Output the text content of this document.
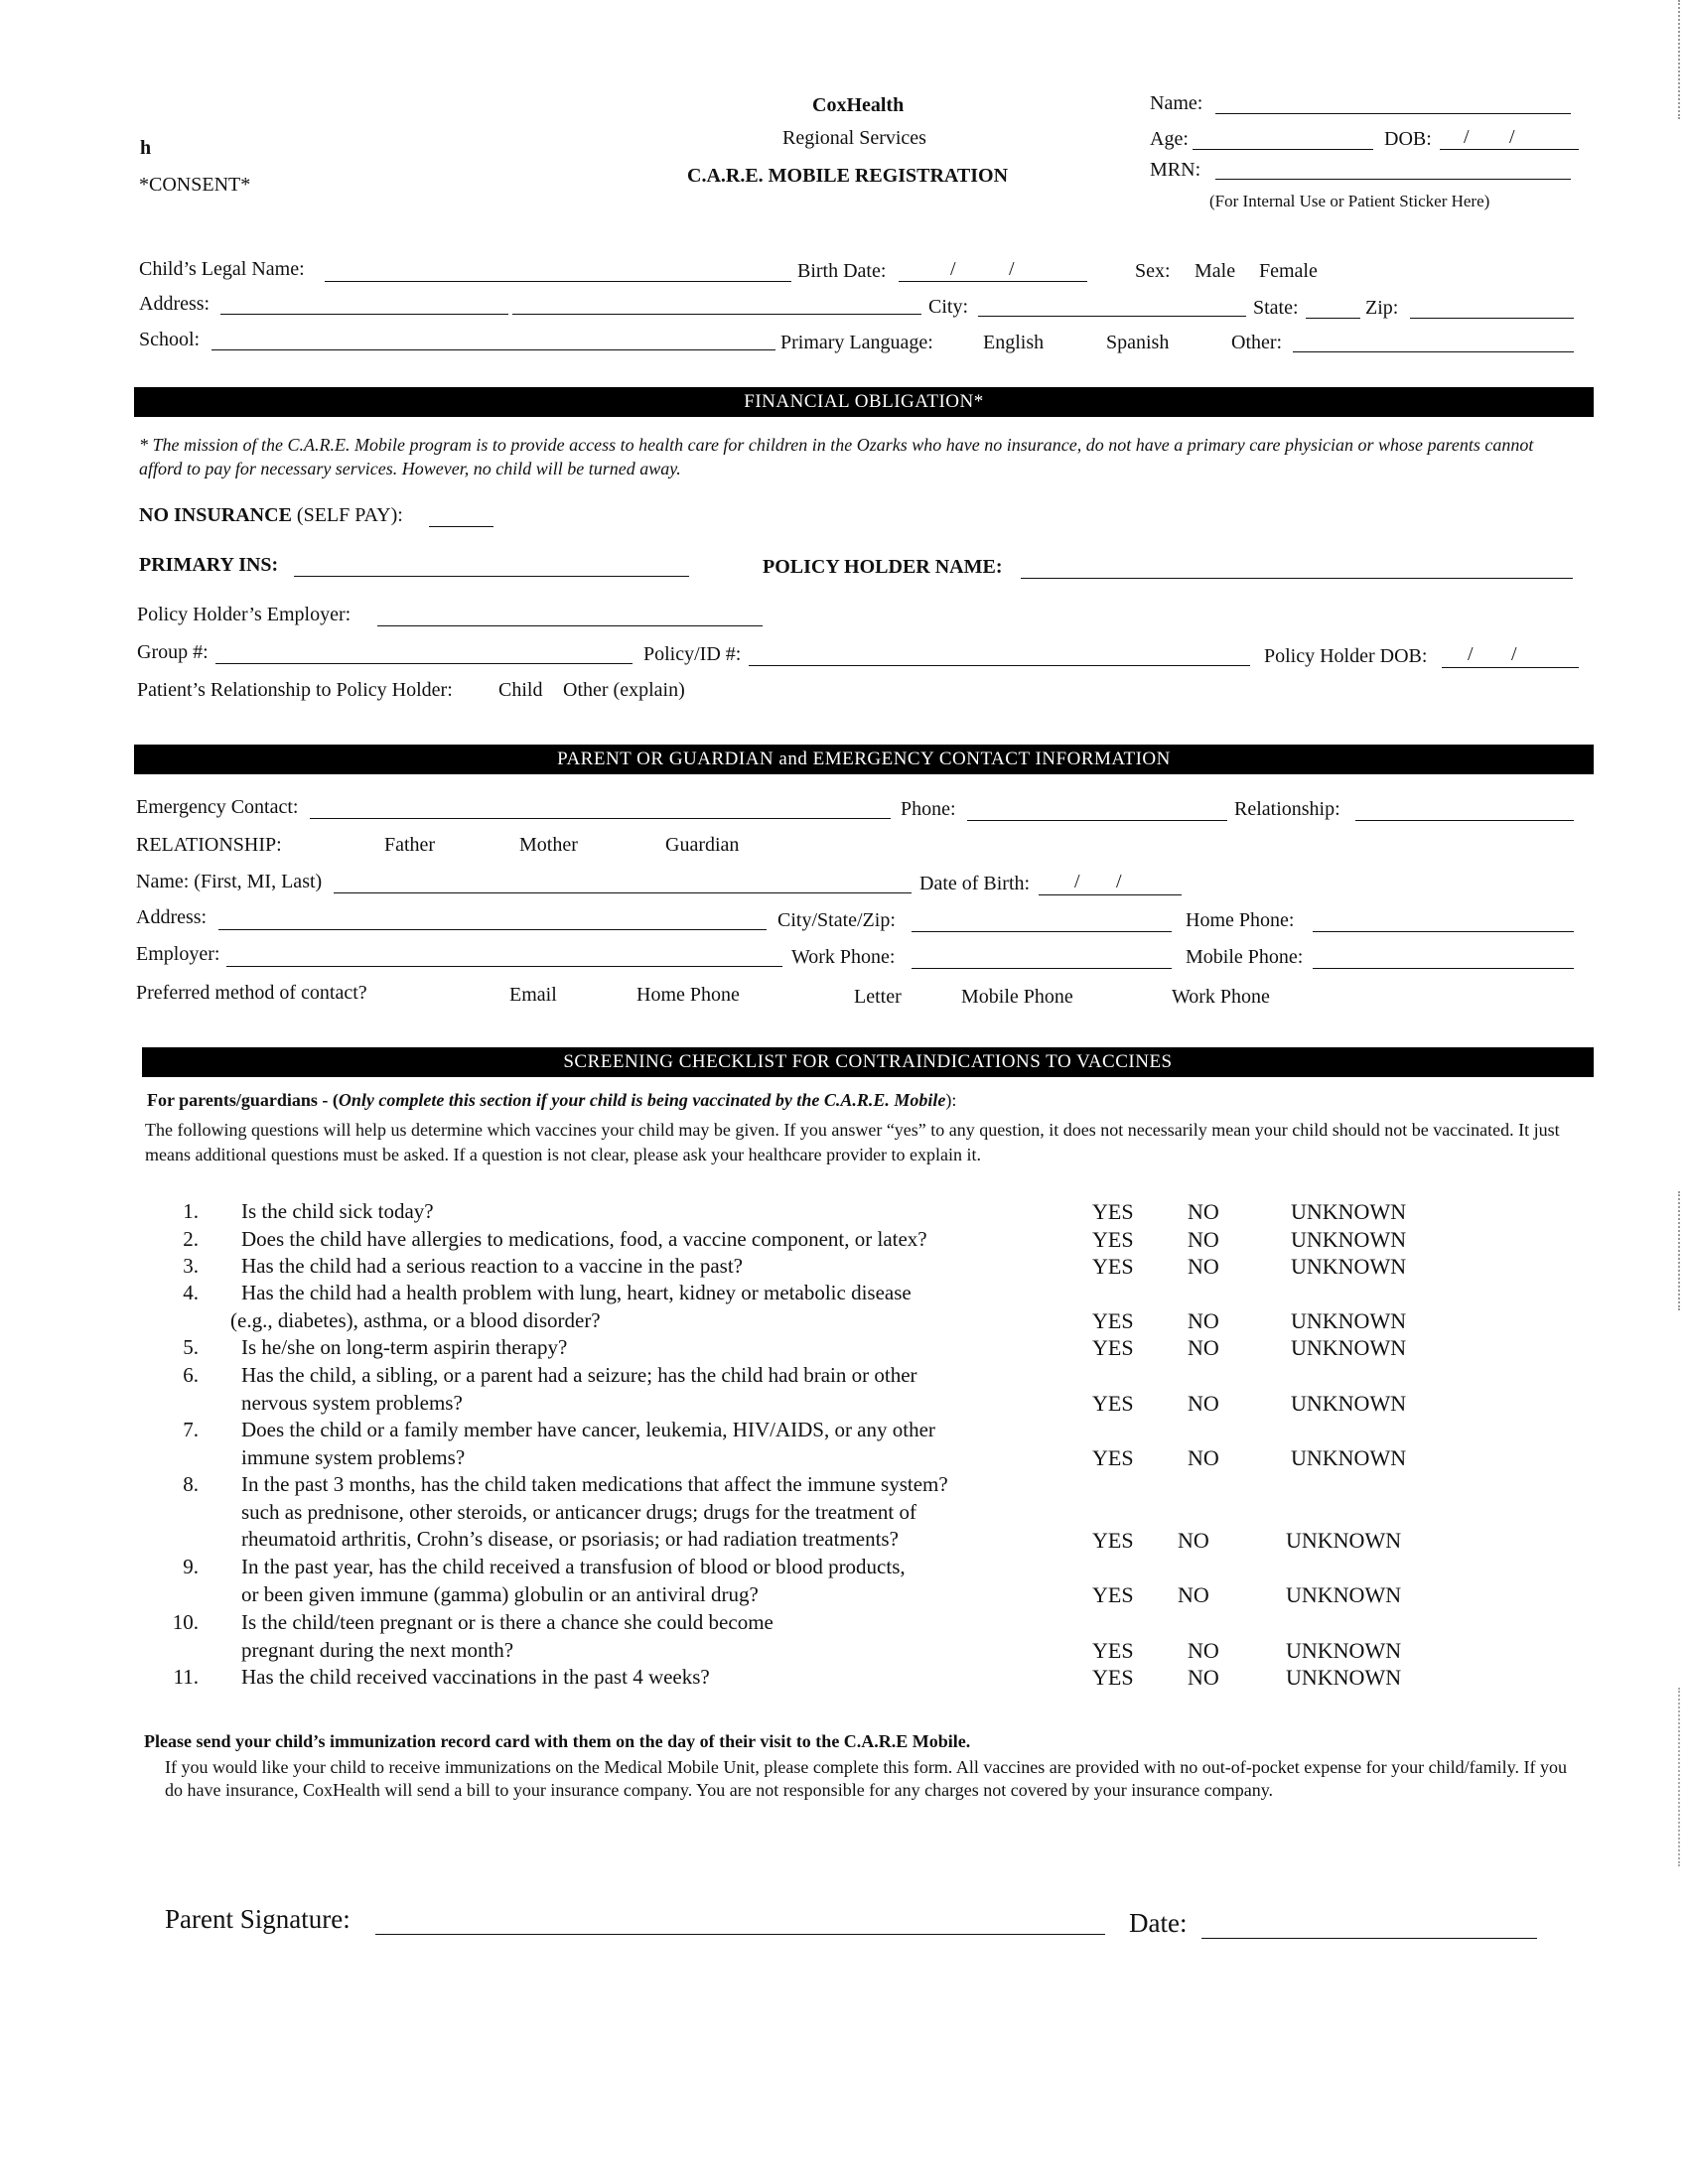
CoxHealth
Regional Services
C.A.R.E. MOBILE REGISTRATION
h
*CONSENT*
Name:
Age:	DOB: / /
MRN:
(For Internal Use or Patient Sticker Here)
Child’s Legal Name:	Birth Date:	/	/	Sex: Male Female
Address:	City:	State:	Zip:
School:	Primary Language:	English	Spanish	Other:
FINANCIAL OBLIGATION*
* The mission of the C.A.R.E. Mobile program is to provide access to health care for children in the Ozarks who have no insurance, do not have a primary care physician or whose parents cannot afford to pay for necessary services. However, no child will be turned away.
NO INSURANCE (SELF PAY):
PRIMARY INS:	POLICY HOLDER NAME:
Policy Holder’s Employer:
Group #:	Policy/ID #:	Policy Holder DOB: / /
Patient’s Relationship to Policy Holder: Child Other (explain)
PARENT OR GUARDIAN and EMERGENCY CONTACT INFORMATION
Emergency Contact:	Phone:	Relationship:
RELATIONSHIP:	Father	Mother	Guardian
Name: (First, MI, Last)	Date of Birth: / /
Address:	City/State/Zip:	Home Phone:
Employer:	Work Phone:	Mobile Phone:
Preferred method of contact?	Email	Home Phone	Letter	Mobile Phone	Work Phone
SCREENING CHECKLIST FOR CONTRAINDICATIONS TO VACCINES
For parents/guardians - (Only complete this section if your child is being vaccinated by the C.A.R.E. Mobile):
The following questions will help us determine which vaccines your child may be given. If you answer “yes” to any question, it does not necessarily mean your child should not be vaccinated. It just means additional questions must be asked. If a question is not clear, please ask your healthcare provider to explain it.
1. Is the child sick today?	YES NO	UNKNOWN
2. Does the child have allergies to medications, food, a vaccine component, or latex?	YES NO	UNKNOWN
3. Has the child had a serious reaction to a vaccine in the past?	YES NO	UNKNOWN
4. Has the child had a health problem with lung, heart, kidney or metabolic disease
(e.g., diabetes), asthma, or a blood disorder?	YES NO	UNKNOWN
5. Is he/she on long-term aspirin therapy?	YES NO	UNKNOWN
6. Has the child, a sibling, or a parent had a seizure; has the child had brain or other
nervous system problems?	YES NO	UNKNOWN
7. Does the child or a family member have cancer, leukemia, HIV/AIDS, or any other
immune system problems?	YES NO	UNKNOWN
8. In the past 3 months, has the child taken medications that affect the immune system?
such as prednisone, other steroids, or anticancer drugs; drugs for the treatment of
rheumatoid arthritis, Crohn’s disease, or psoriasis; or had radiation treatments?	YES NO	UNKNOWN
9. In the past year, has the child received a transfusion of blood or blood products,
or been given immune (gamma) globulin or an antiviral drug?	YES NO	UNKNOWN
10. Is the child/teen pregnant or is there a chance she could become
pregnant during the next month?	YES NO	UNKNOWN
11. Has the child received vaccinations in the past 4 weeks?	YES NO	UNKNOWN
Please send your child’s immunization record card with them on the day of their visit to the C.A.R.E Mobile.
If you would like your child to receive immunizations on the Medical Mobile Unit, please complete this form. All vaccines are provided with no out-of-pocket expense for your child/family. If you do have insurance, CoxHealth will send a bill to your insurance company. You are not responsible for any charges not covered by your insurance company.
Parent Signature:	Date:
